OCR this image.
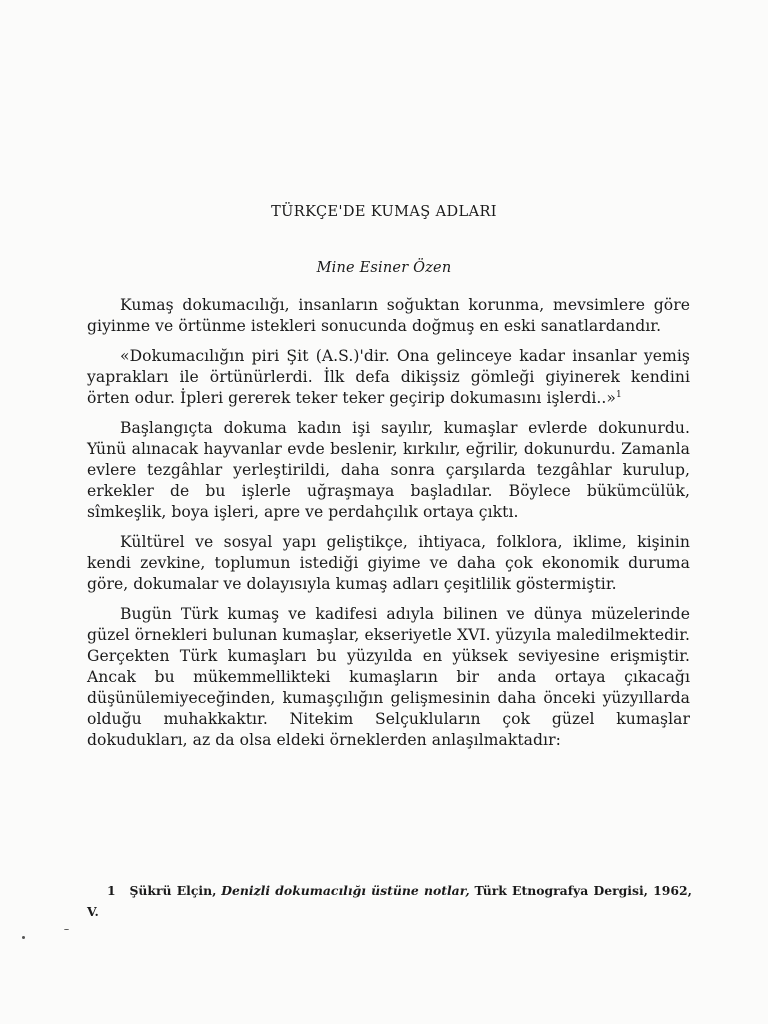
TÜRKÇE'DE KUMAŞ ADLARI
Mine Esiner Özen

Kumaş dokumacılığı, insanların soğuktan korunma, mevsimlere göre giyinme ve örtünme istekleri sonucunda doğmuş en eski sanatlardandır.

«Dokumacılığın piri Şit (A.S.)'dir. Ona gelinceye kadar insanlar yemiş yaprakları ile örtünürlerdi. İlk defa dikişsiz gömleği giyinerek kendini örten odur. İpleri gererek teker teker geçirip dokumasını işlerdi..»$^1$

Başlangıçta dokuma kadın işi sayılır, kumaşlar evlerde dokunurdu. Yünü alınacak hayvanlar evde beslenir, kırkılır, eğrilir, dokunurdu. Zamanla evlere tezgâhlar yerleştirildi, daha sonra çarşılarda tezgâhlar kurulup, erkekler de bu işlerle uğraşmaya başladılar. Böylece bükümcülük, sîmkeşlik, boya işleri, apre ve perdahçılık ortaya çıktı.

Kültürel ve sosyal yapı geliştikçe, ihtiyaca, folklora, iklime, kişinin kendi zevkine, toplumun istediği giyime ve daha çok ekonomik duruma göre, dokumalar ve dolayısıyla kumaş adları çeşitlilik göstermiştir.

Bugün Türk kumaş ve kadifesi adıyla bilinen ve dünya müzelerinde güzel örnekleri bulunan kumaşlar, ekseriyetle XVI. yüzyıla maledilmektedir. Gerçekten Türk kumaşları bu yüzyılda en yüksek seviyesine erişmiştir. Ancak bu mükemmellikteki kumaşların bir anda ortaya çıkacağı düşünülemiyeceğinden, kumaşçılığın gelişmesinin daha önceki yüzyıllarda olduğu muhakkaktır. Nitekim Selçukluların çok güzel kumaşlar dokudukları, az da olsa eldeki örneklerden anlaşılmaktadır:

1 Şükrü Elçin, Denizli dokumacılığı üstüne notlar, Türk Etnografya Dergisi, 1962, V.
